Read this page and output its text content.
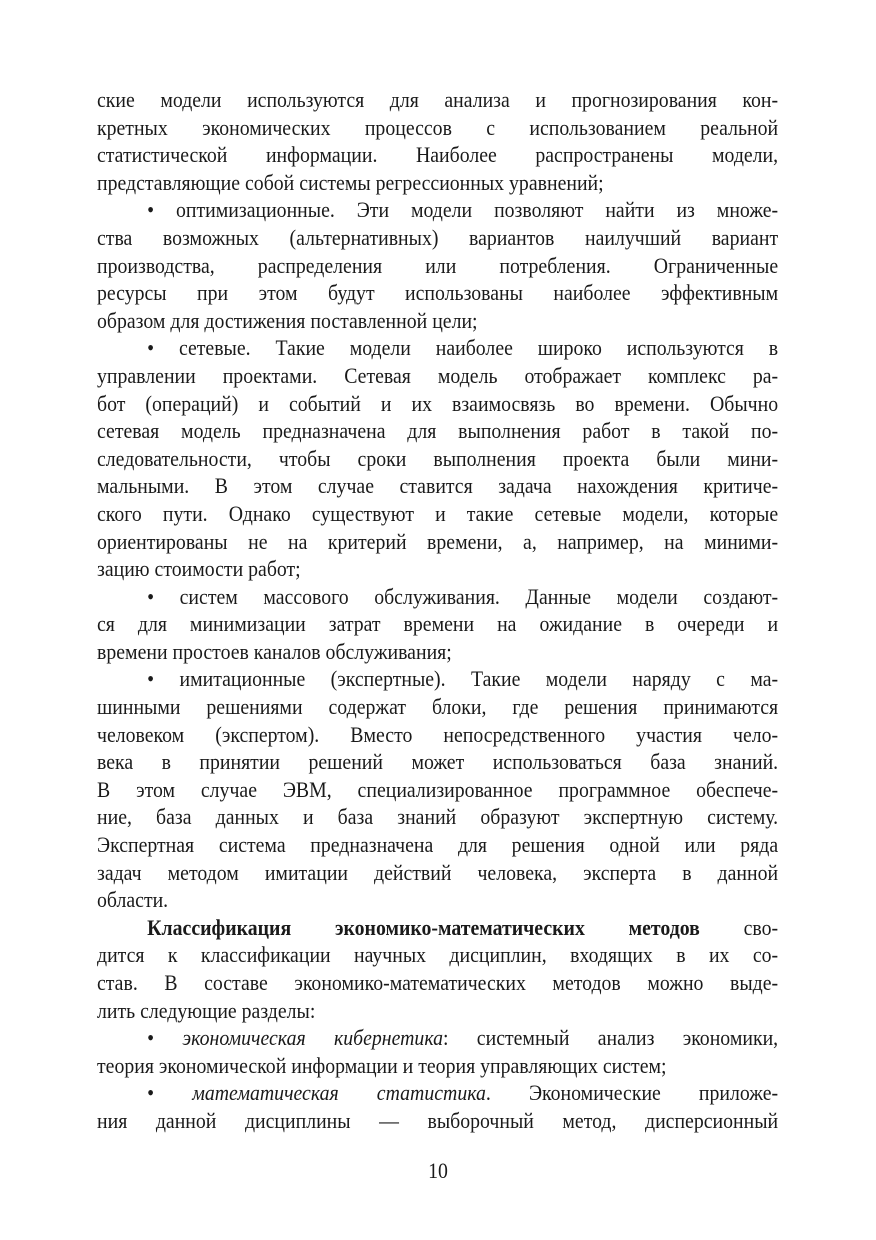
ские модели используются для анализа и прогнозирования кон-
кретных экономических процессов с использованием реальной
статистической информации. Наиболее распространены модели,
представляющие собой системы регрессионных уравнений;
• оптимизационные. Эти модели позволяют найти из множе-
ства возможных (альтернативных) вариантов наилучший вариант
производства, распределения или потребления. Ограниченные
ресурсы при этом будут использованы наиболее эффективным
образом для достижения поставленной цели;
• сетевые. Такие модели наиболее широко используются в
управлении проектами. Сетевая модель отображает комплекс ра-
бот (операций) и событий и их взаимосвязь во времени. Обычно
сетевая модель предназначена для выполнения работ в такой по-
следовательности, чтобы сроки выполнения проекта были мини-
мальными. В этом случае ставится задача нахождения критиче-
ского пути. Однако существуют и такие сетевые модели, которые
ориентированы не на критерий времени, а, например, на миними-
зацию стоимости работ;
• систем массового обслуживания. Данные модели создают-
ся для минимизации затрат времени на ожидание в очереди и
времени простоев каналов обслуживания;
• имитационные (экспертные). Такие модели наряду с ма-
шинными решениями содержат блоки, где решения принимаются
человеком (экспертом). Вместо непосредственного участия чело-
века в принятии решений может использоваться база знаний.
В этом случае ЭВМ, специализированное программное обеспече-
ние, база данных и база знаний образуют экспертную систему.
Экспертная система предназначена для решения одной или ряда
задач методом имитации действий человека, эксперта в данной
области.
Классификация экономико-математических методов сво-
дится к классификации научных дисциплин, входящих в их со-
став. В составе экономико-математических методов можно выде-
лить следующие разделы:
• экономическая кибернетика: системный анализ экономики,
теория экономической информации и теория управляющих систем;
• математическая статистика. Экономические приложе-
ния данной дисциплины — выборочный метод, дисперсионный
10
